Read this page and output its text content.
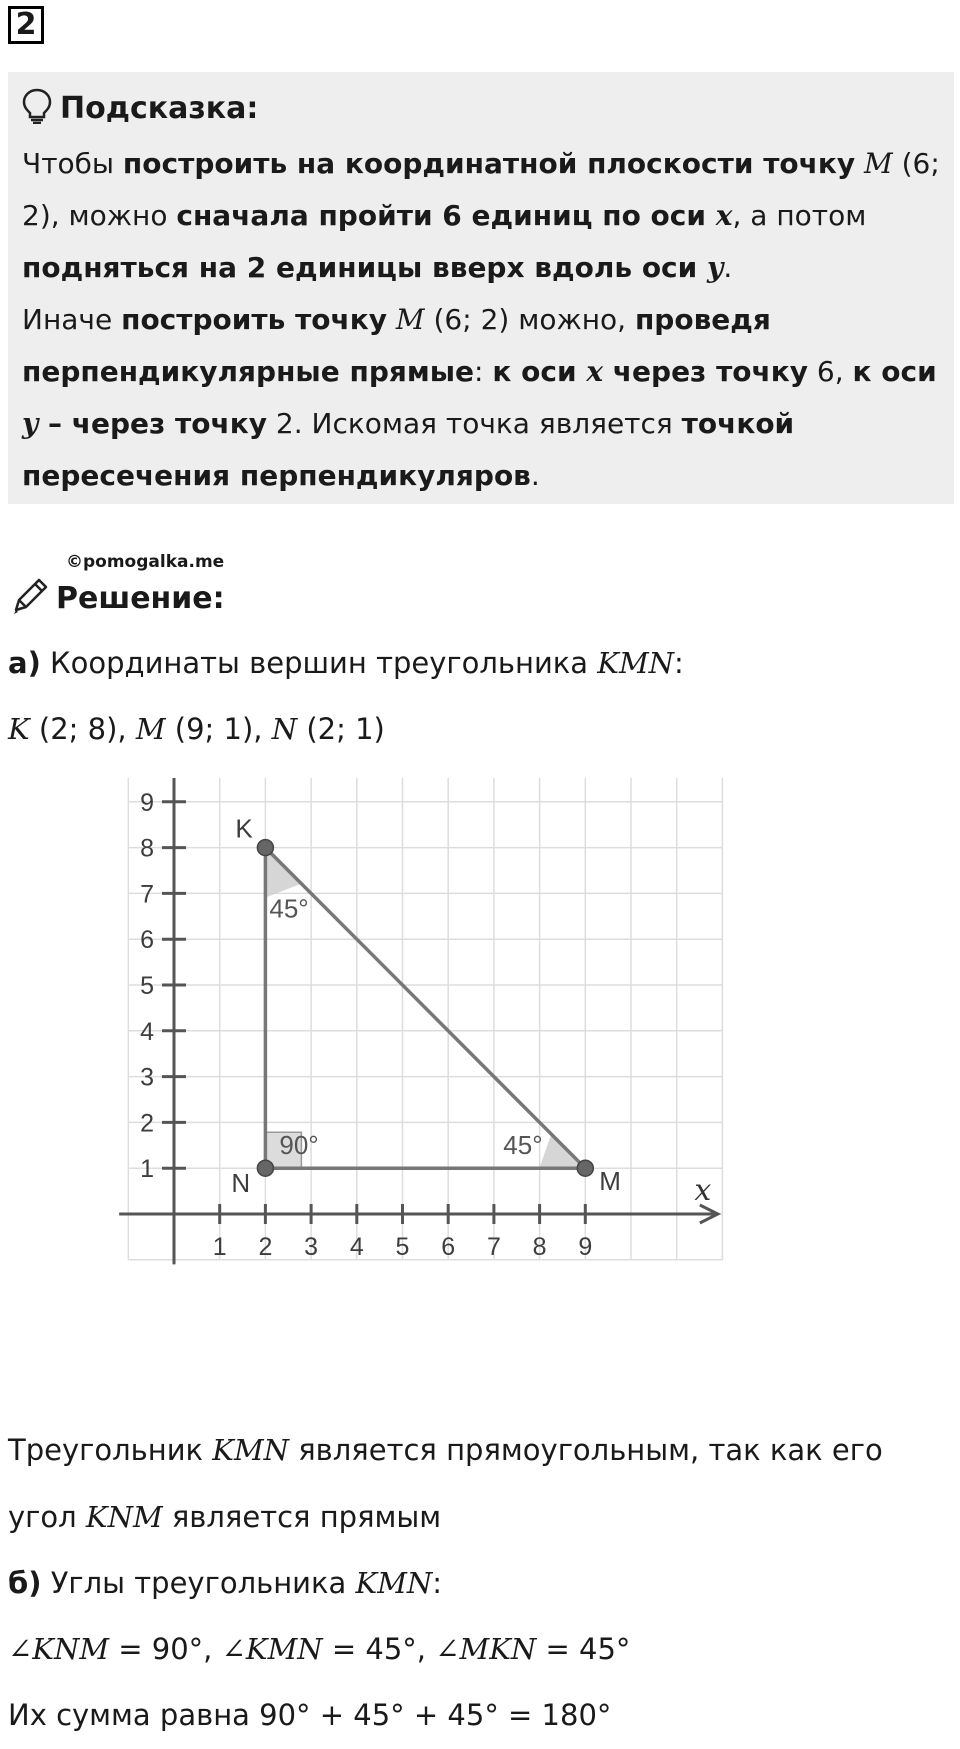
2
Подсказка:

Чтобы построить на координатной плоскости точку M (6; 2), можно сначала пройти 6 единиц по оси x, а потом подняться на 2 единицы вверх вдоль оси y.

Иначе построить точку M (6; 2) можно, проведя перпендикулярные прямые: к оси x через точку 6, к оси y – через точку 2. Искомая точка является точкой пересечения перпендикуляров.

©pomogalka.me
Решение:
а) Координаты вершин треугольника KMN:
K (2; 8), M (9; 1), N (2; 1)
1 2 3 4 5 6 7 8 9
1
2
3
4
5
6
7
8
9
x
K
M
N
45°
90°	45°
Треугольник KMN является прямоугольным, так как его
угол KNM является прямым
б) Углы треугольника KMN:
∠KNM = 90°, ∠KMN = 45°, ∠MKN = 45°
Их сумма равна 90° + 45° + 45° = 180°
